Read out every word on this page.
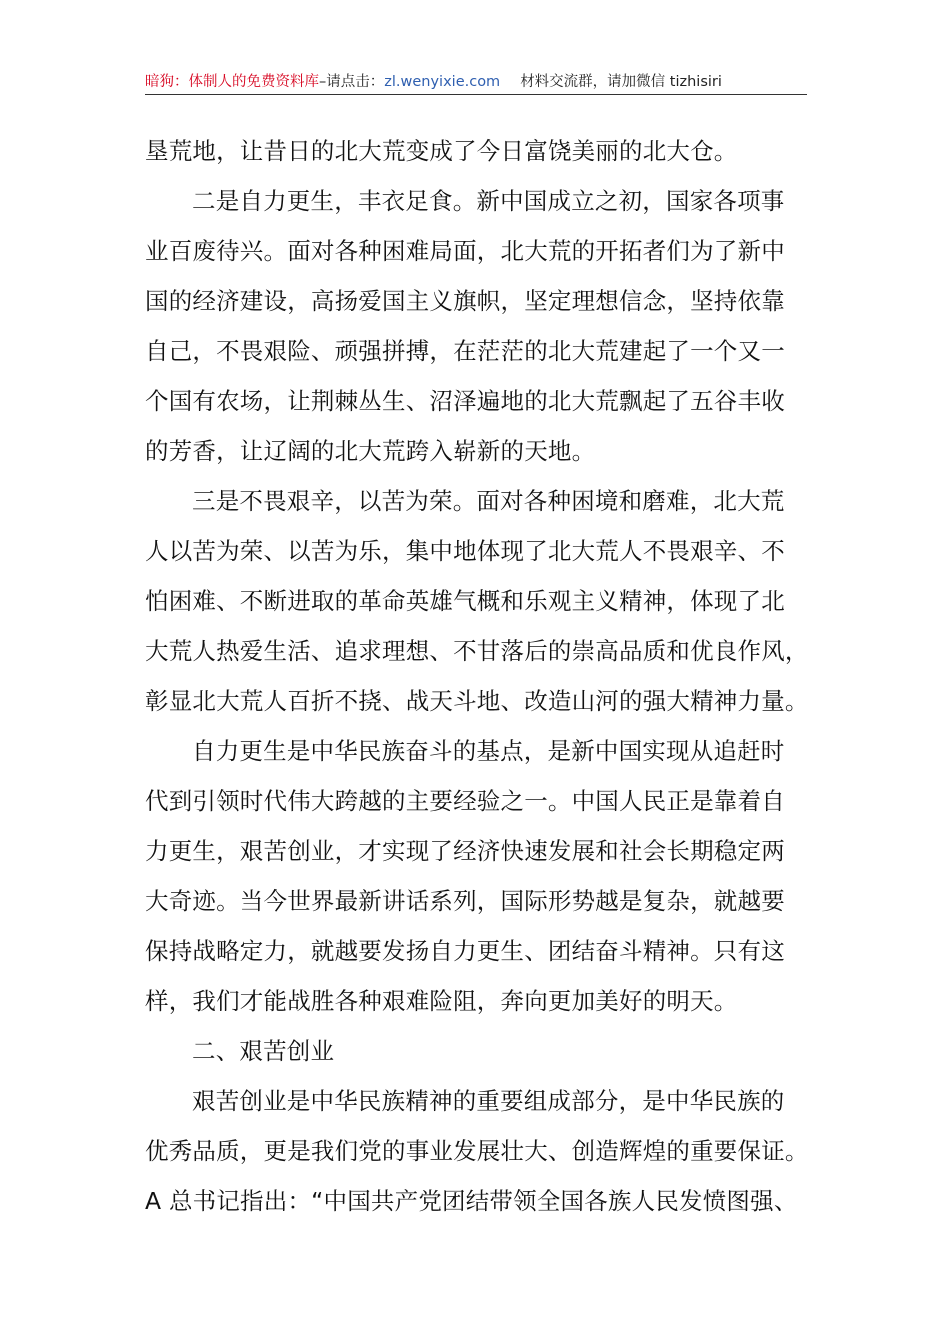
暗狗：体制人的免费资料库–请点击：zl.wenyixie.com 材料交流群，请加微信 tizhisiri
垦荒地，让昔日的北大荒变成了今日富饶美丽的北大仓。
二是自力更生，丰衣足食。新中国成立之初，国家各项事
业百废待兴。面对各种困难局面，北大荒的开拓者们为了新中
国的经济建设，高扬爱国主义旗帜，坚定理想信念，坚持依靠
自己，不畏艰险、顽强拼搏，在茫茫的北大荒建起了一个又一
个国有农场，让荆棘丛生、沼泽遍地的北大荒飘起了五谷丰收
的芳香，让辽阔的北大荒跨入崭新的天地。
三是不畏艰辛，以苦为荣。面对各种困境和磨难，北大荒
人以苦为荣、以苦为乐，集中地体现了北大荒人不畏艰辛、不
怕困难、不断进取的革命英雄气概和乐观主义精神，体现了北
大荒人热爱生活、追求理想、不甘落后的崇高品质和优良作风，
彰显北大荒人百折不挠、战天斗地、改造山河的强大精神力量。
自力更生是中华民族奋斗的基点，是新中国实现从追赶时
代到引领时代伟大跨越的主要经验之一。中国人民正是靠着自
力更生，艰苦创业，才实现了经济快速发展和社会长期稳定两
大奇迹。当今世界最新讲话系列，国际形势越是复杂，就越要
保持战略定力，就越要发扬自力更生、团结奋斗精神。只有这
样，我们才能战胜各种艰难险阻，奔向更加美好的明天。
二、艰苦创业
艰苦创业是中华民族精神的重要组成部分，是中华民族的
优秀品质，更是我们党的事业发展壮大、创造辉煌的重要保证。
A 总书记指出：“中国共产党团结带领全国各族人民发愤图强、
